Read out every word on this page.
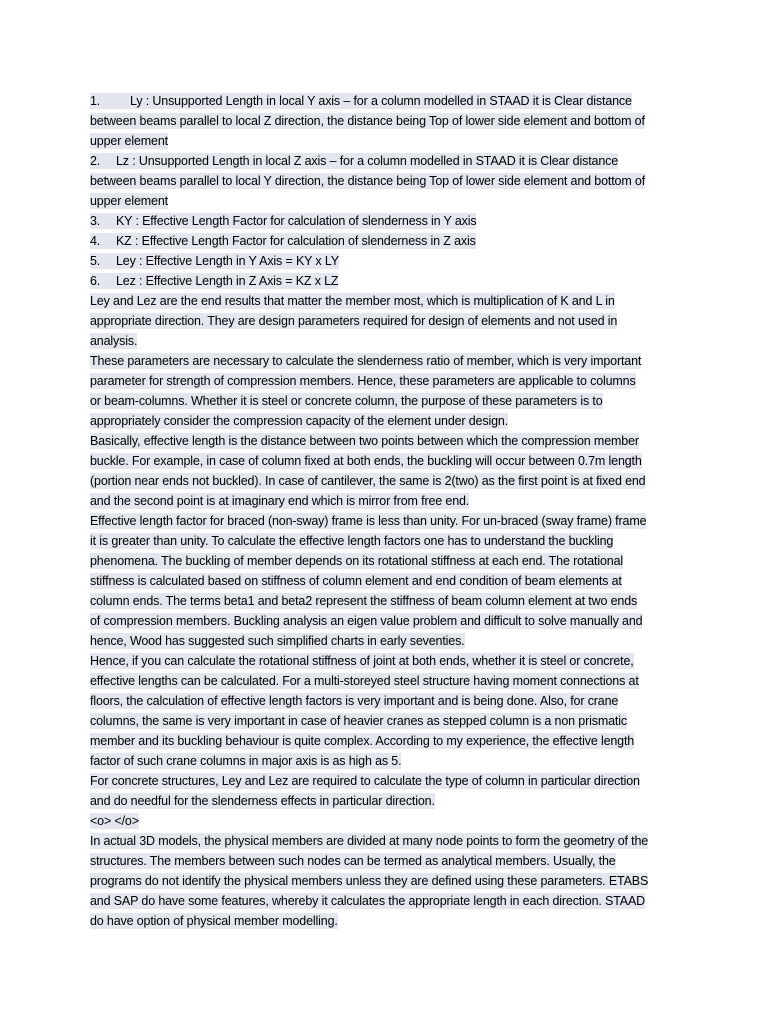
1. Ly : Unsupported Length in local Y axis – for a column modelled in STAAD it is Clear distance
between beams parallel to local Z direction, the distance being Top of lower side element and bottom of
upper element
2. Lz : Unsupported Length in local Z axis – for a column modelled in STAAD it is Clear distance
between beams parallel to local Y direction, the distance being Top of lower side element and bottom of
upper element
3. KY : Effective Length Factor for calculation of slenderness in Y axis
4. KZ : Effective Length Factor for calculation of slenderness in Z axis
5. Ley : Effective Length in Y Axis = KY x LY
6. Lez : Effective Length in Z Axis = KZ x LZ
Ley and Lez are the end results that matter the member most, which is multiplication of K and L in
appropriate direction. They are design parameters required for design of elements and not used in
analysis.
These parameters are necessary to calculate the slenderness ratio of member, which is very important
parameter for strength of compression members. Hence, these parameters are applicable to columns
or beam-columns. Whether it is steel or concrete column, the purpose of these parameters is to
appropriately consider the compression capacity of the element under design.
Basically, effective length is the distance between two points between which the compression member
buckle. For example, in case of column fixed at both ends, the buckling will occur between 0.7m length
(portion near ends not buckled). In case of cantilever, the same is 2(two) as the first point is at fixed end
and the second point is at imaginary end which is mirror from free end.
Effective length factor for braced (non-sway) frame is less than unity. For un-braced (sway frame) frame
it is greater than unity. To calculate the effective length factors one has to understand the buckling
phenomena. The buckling of member depends on its rotational stiffness at each end. The rotational
stiffness is calculated based on stiffness of column element and end condition of beam elements at
column ends. The terms beta1 and beta2 represent the stiffness of beam column element at two ends
of compression members. Buckling analysis an eigen value problem and difficult to solve manually and
hence, Wood has suggested such simplified charts in early seventies.
Hence, if you can calculate the rotational stiffness of joint at both ends, whether it is steel or concrete,
effective lengths can be calculated. For a multi-storeyed steel structure having moment connections at
floors, the calculation of effective length factors is very important and is being done. Also, for crane
columns, the same is very important in case of heavier cranes as stepped column is a non prismatic
member and its buckling behaviour is quite complex. According to my experience, the effective length
factor of such crane columns in major axis is as high as 5.
For concrete structures, Ley and Lez are required to calculate the type of column in particular direction
and do needful for the slenderness effects in particular direction.
<o> </o>
In actual 3D models, the physical members are divided at many node points to form the geometry of the
structures. The members between such nodes can be termed as analytical members. Usually, the
programs do not identify the physical members unless they are defined using these parameters. ETABS
and SAP do have some features, whereby it calculates the appropriate length in each direction. STAAD
do have option of physical member modelling.
